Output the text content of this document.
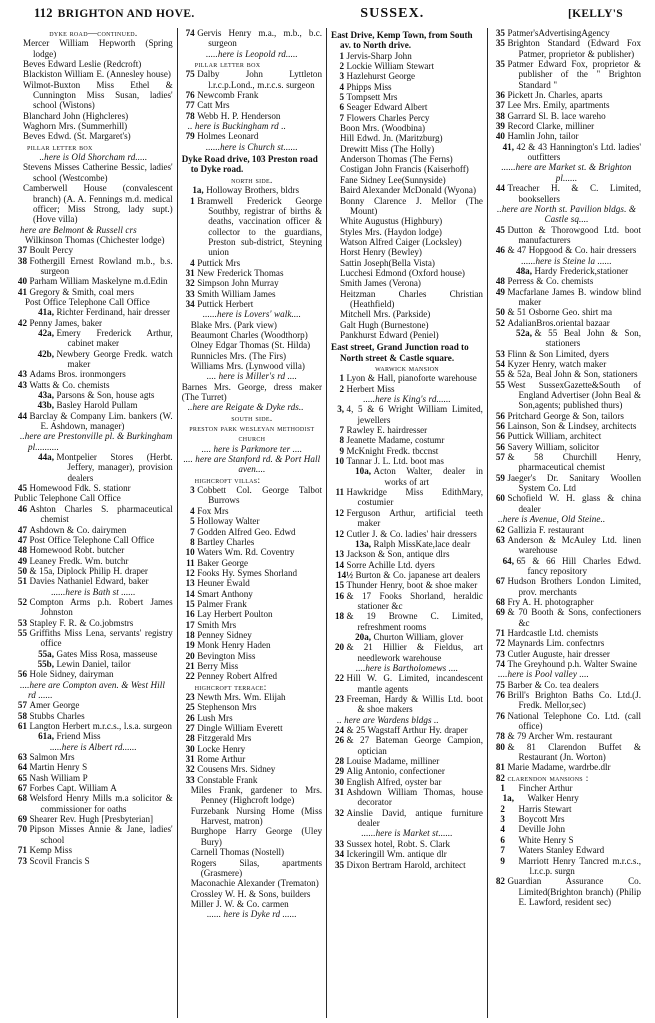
112 BRIGHTON AND HOVE.	SUSSEX.	[KELLY'S
dyke road—continued.
Mercer William Hepworth (Spring lodge)
Beves Edward Leslie (Redcroft)
Blackiston William E. (Annesley house)
Wilmot-Buxton Miss Ethel & Cunnington Miss Susan, ladies' school (Wistons)
Blanchard John (Highcleres)
Waghorn Mrs. (Summerhill)
Beves Edwd. (St. Margaret's)
pillar letter box
..here is Old Shorcham rd.....
Stevens Misses Catherine Bessic, ladies' school (Westcombe)
Camberwell House (convalescent branch) (A. A. Fennings m.d. medical officer; Miss Strong, lady supt.) (Hove villa)
here are Belmont & Russell crs
Wilkinson Thomas (Chichester lodge)
37 Boult Percy
38 Fothergill Ernest Rowland m.b., b.s. surgeon
40 Parham William Maskelyne m.d.Edin
41 Gregory & Smith, coal mers
Post Office Telephone Call Office
41a, Richter Ferdinand, hair dresser
42 Penny James, baker
42a, Emery Frederick Arthur, cabinet maker
42b, Newbery George Fredk. watch maker
43 Adams Bros. ironmongers
43 Watts & Co. chemists
43a, Parsons & Son, house agts
43b, Basley Harold Pullam
44 Barclay & Company Lim. bankers (W. E. Ashdown, manager)
..here are Prestonville pl. & Burkingham pl..........
44a, Montpelier Stores (Herbt. Jeffery, manager), provision dealers
45 Homewood Fdk. S. stationr
Public Telephone Call Office
46 Ashton Charles S. pharmaceutical chemist
47 Ashdown & Co. dairymen
47 Post Office Telephone Call Office
48 Homewood Robt. butcher
49 Leaney Fredk. Wm. butchr
50 & 15a, Diplock Philip H. draper
51 Davies Nathaniel Edward, baker
......here is Bath st ......
52 Compton Arms p.h. Robert James Johnston
53 Stapley F. R. & Co.jobmstrs
55 Griffiths Miss Lena, servants' registry office
55a, Gates Miss Rosa, masseuse
55b, Lewin Daniel, tailor
56 Hole Sidney, dairyman
....here are Compton aven. & West Hill rd ......
57 Amer George
58 Stubbs Charles
61 Langton Herbert m.r.c.s., l.s.a. surgeon
61a, Friend Miss
.....here is Albert rd......
63 Salmon Mrs
64 Martin Henry S
65 Nash William P
67 Forbes Capt. William A
68 Welsford Henry Mills m.a solicitor & commissioner for oaths
69 Shearer Rev. Hugh [Presbyterian]
70 Pipson Misses Annie & Jane, ladies' school
71 Kemp Miss
73 Scovil Francis S
74 Gervis Henry m.a., m.b., b.c. surgeon
.....here is Leopold rd.....
pillar letter box
75 Dalby John Lyttleton l.r.c.p.Lond., m.r.c.s. surgeon
76 Newcomb Frank
77 Catt Mrs
78 Webb H. P. Henderson
.. here is Buckingham rd ..
79 Holmes Leonard
......here is Church st......
Dyke Road drive, 103 Preston road to Dyke road.
north side.
1a, Holloway Brothers, bldrs
1 Bramwell Frederick George Southby, registrar of births & deaths, vaccination officer & collector to the guardians, Preston sub-district, Steyning union
4 Puttick Mrs
31 New Frederick Thomas
32 Simpson John Murray
33 Smith William James
34 Puttick Herbert
......here is Lovers' walk....
Blake Mrs. (Park view)
Beaumont Charles (Woodthorp)
Olney Edgar Thomas (St. Hilda)
Runnicles Mrs. (The Firs)
Williams Mrs. (Lynwood villa)
.... here is Miller's rd ....
Barnes Mrs. George, dress maker (The Turret)
..here are Reigate & Dyke rds..
south side.
preston park wesleyan methodist church
.... here is Parkmore ter ....
.... here are Stanford rd. & Port Hall aven....
highcroft villas:
3 Cobbett Col. George Talbot Burrows
4 Fox Mrs
5 Holloway Walter
7 Godden Alfred Geo. Edwd
8 Bartley Charles
10 Waters Wm. Rd. Coventry
11 Baker George
12 Fooks Hy. Symes Shorland
13 Heuner Ewald
14 Smart Anthony
15 Palmer Frank
16 Lay Herbert Poulton
17 Smith Mrs
18 Penney Sidney
19 Monk Henry Haden
20 Bevington Miss
21 Berry Miss
22 Penney Robert Alfred
highcroft terrace:
23 Newth Mrs. Wm. Elijah
25 Stephenson Mrs
26 Lush Mrs
27 Dingle William Everett
28 Fitzgerald Mrs
30 Locke Henry
31 Rome Arthur
32 Cousens Mrs. Sidney
33 Constable Frank
Miles Frank, gardener to Mrs. Penney (Highcroft lodge)
Furzebank Nursing Home (Miss Harvest, matron)
Burghope Harry George (Uley Bury)
Carnell Thomas (Nostell)
Rogers Silas, apartments (Grasmere)
Maconachie Alexander (Trematon)
Crossley W. H. & Sons, builders
Miller J. W. & Co. carmen
...... here is Dyke rd ......
East Drive, Kemp Town, from South av. to North drive.
1 Jervis-Sharp John
2 Lockie William Stewart
3 Hazlehurst George
4 Phipps Miss
5 Tompsett Mrs
6 Seager Edward Albert
7 Flowers Charles Percy
Boon Mrs. (Woodbina)
Hill Edwd. Jn. (Maritzburg)
Drewitt Miss (The Holly)
Anderson Thomas (The Ferns)
Costigan John Francis (Kaiserhoff)
Fane Sidney Lee(Sunnyside)
Baird Alexander McDonald (Wyona)
Bonny Clarence J. Mellor (The Mount)
White Augustus (Highbury)
Styles Mrs. (Haydon lodge)
Watson Alfred Caiger (Locksley)
Horst Henry (Bewley)
Sattin Joseph(Bella Vista)
Lucchesi Edmond (Oxford house)
Smith James (Verona)
Heitzman Charles Christian (Heathfield)
Mitchell Mrs. (Parkside)
Galt Hugh (Burnestone)
Pankhurst Edward (Peniel)
East street, Grand Junction road to North street & Castle square.
warwick mansion
1 Lyon & Hall, pianoforte warehouse
2 Herbert Miss
.....here is King's rd......
3, 4, 5 & 6 Wright William Limited, jewellers
7 Rawley E. hairdresser
8 Jeanette Madame, costumr
9 McKnight Fredk. tbccnst
10 Tannar J. L. Ltd. boot mas
10a, Acton Walter, dealer in works of art
11 Hawkridge Miss EdithMary, costumier
12 Ferguson Arthur, artificial teeth maker
12 Cutler J. & Co. ladies' hair dressers
13a, Ralph MissKate,lace dealr
13 Jackson & Son, antique dlrs
14 Sorre Achille Ltd. dyers
14½ Burton & Co. japanese art dealers
15 Thunder Henry, boot & shoe maker
16 & 17 Fooks Shorland, heraldic stationer &c
18 & 19 Browne C. Limited, refreshment rooms
20a, Churton William, glover
20 & 21 Hillier & Fieldus, art needlework warehouse
....here is Bartholomews ....
22 Hill W. G. Limited, incandescent mantle agents
23 Freeman, Hardy & Willis Ltd. boot & shoe makers
.. here are Wardens bldgs ..
24 & 25 Wagstaff Arthur Hy. draper
26 & 27 Bateman George Campion, optician
28 Louise Madame, milliner
29 Alig Antonio, confectioner
30 English Alfred, oyster bar
31 Ashdown William Thomas, house decorator
32 Ainslie David, antique furniture dealer
......here is Market st......
33 Sussex hotel, Robt. S. Clark
34 Ickeringill Wm. antique dlr
35 Dixon Bertram Harold, architect
35 Patmer'sAdvertisingAgency
35 Brighton Standard (Edward Fox Patmer, proprietor & publisher)
35 Patmer Edward Fox, proprietor & publisher of the " Brighton Standard "
36 Pickett Jn. Charles, aparts
37 Lee Mrs. Emily, apartments
38 Garrard Sl. B. lace wareho
39 Record Clarke, milliner
40 Hamlin John, tailor
41, 42 & 43 Hannington's Ltd. ladies' outfitters
......here are Market st. & Brighton pl......
44 Treacher H. & C. Limited, booksellers
..here are North st. Pavilion bldgs. & Castle sq....
45 Dutton & Thorowgood Ltd. boot manufacturers
46 & 47 Hopgood & Co. hair dressers
......here is Steine la ......
48a, Hardy Frederick,stationer
48 Perress & Co. chemists
49 Macfarlane James B. window blind maker
50 & 51 Osborne Geo. shirt ma
52 AdalianBros.oriental bazaar
52a, & 55 Beal John & Son, stationers
53 Flinn & Son Limited, dyers
54 Kyzer Henry, watch maker
55 & 52a, Beal John & Son, stationers
55 West SussexGazette&South of England Advertiser (John Beal & Son,agents; published thurs)
56 Pritchard George & Son, tailors
56 Lainson, Son & Lindsey, architects
56 Puttick William, architect
56 Savery William, solicitor
57 & 58 Churchill Henry, pharmaceutical chemist
59 Jaeger's Dr. Sanitary Woollen System Co. Ltd
60 Schofield W. H. glass & china dealer
..here is Avenue, Old Steine..
62 Gallizia F. restaurant
63 Anderson & McAuley Ltd. linen warehouse
64, 65 & 66 Hill Charles Edwd. fancy repository
67 Hudson Brothers London Limited, prov. merchants
68 Fry A. H. photographer
69 & 70 Booth & Sons, confectioners &c
71 Hardcastle Ltd. chemists
72 Maynards Lim. confectnrs
73 Cutler Auguste, hair dresser
74 The Greyhound p.h. Walter Swaine
....here is Pool valley ....
75 Barber & Co. tea dealers
76 Brill's Brighton Baths Co. Ltd.(J. Fredk. Mellor,sec)
76 National Telephone Co. Ltd. (call office)
78 & 79 Archer Wm. restaurant
80 & 81 Clarendon Buffet & Restaurant (Jn. Worton)
81 Marie Madame, wardrbe.dlr
82 clarendon mansions :
1	Fincher Arthur
1a,	Walker Henry
2	Harris Stewart
3	Boycott Mrs
4	Deville John
6	White Henry S
7	Waters Stanley Edward
9	Marriott Henry Tancred m.r.c.s., l.r.c.p. surgn
82 Guardian Assurance Co. Limited(Brighton branch) (Philip E. Lawford, resident sec)
